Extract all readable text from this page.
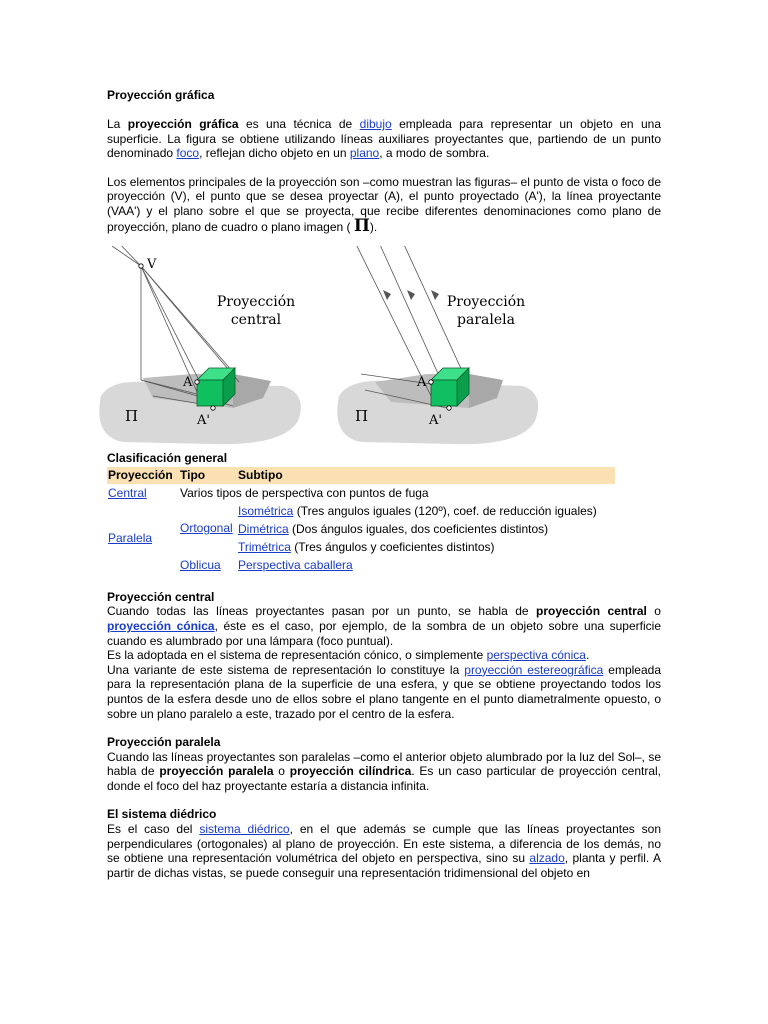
Proyección gráfica

La proyección gráfica es una técnica de dibujo empleada para representar un objeto en una superficie. La figura se obtiene utilizando líneas auxiliares proyectantes que, partiendo de un punto denominado foco, reflejan dicho objeto en un plano, a modo de sombra.

Los elementos principales de la proyección son –como muestran las figuras– el punto de vista o foco de proyección (V), el punto que se desea proyectar (A), el punto proyectado (A'), la línea proyectante (VAA') y el plano sobre el que se proyecta, que recibe diferentes denominaciones como plano de proyección, plano de cuadro o plano imagen ( Π).

V
A
A'
Π
Proyección
central
A
A'
Π
Proyección
paralela
Clasificación general
Proyección	Tipo	Subtipo
Central	Varios tipos de perspectiva con puntos de fuga	
Paralela	Ortogonal	Isométrica (Tres angulos iguales (120º), coef. de reducción iguales)
		Dimétrica (Dos ángulos iguales, dos coeficientes distintos)
		Trimétrica (Tres ángulos y coeficientes distintos)
	Oblicua	Perspectiva caballera
Proyección central

Cuando todas las líneas proyectantes pasan por un punto, se habla de proyección central o proyección cónica, éste es el caso, por ejemplo, de la sombra de un objeto sobre una superficie cuando es alumbrado por una lámpara (foco puntual).

Es la adoptada en el sistema de representación cónico, o simplemente perspectiva cónica.

Una variante de este sistema de representación lo constituye la proyección estereográfica empleada para la representación plana de la superficie de una esfera, y que se obtiene proyectando todos los puntos de la esfera desde uno de ellos sobre el plano tangente en el punto diametralmente opuesto, o sobre un plano paralelo a este, trazado por el centro de la esfera.

Proyección paralela

Cuando las líneas proyectantes son paralelas –como el anterior objeto alumbrado por la luz del Sol–, se habla de proyección paralela o proyección cilíndrica. Es un caso particular de proyección central, donde el foco del haz proyectante estaría a distancia infinita.

El sistema diédrico

Es el caso del sistema diédrico, en el que además se cumple que las líneas proyectantes son perpendiculares (ortogonales) al plano de proyección. En este sistema, a diferencia de los demás, no se obtiene una representación volumétrica del objeto en perspectiva, sino su alzado, planta y perfil. A partir de dichas vistas, se puede conseguir una representación tridimensional del objeto en
